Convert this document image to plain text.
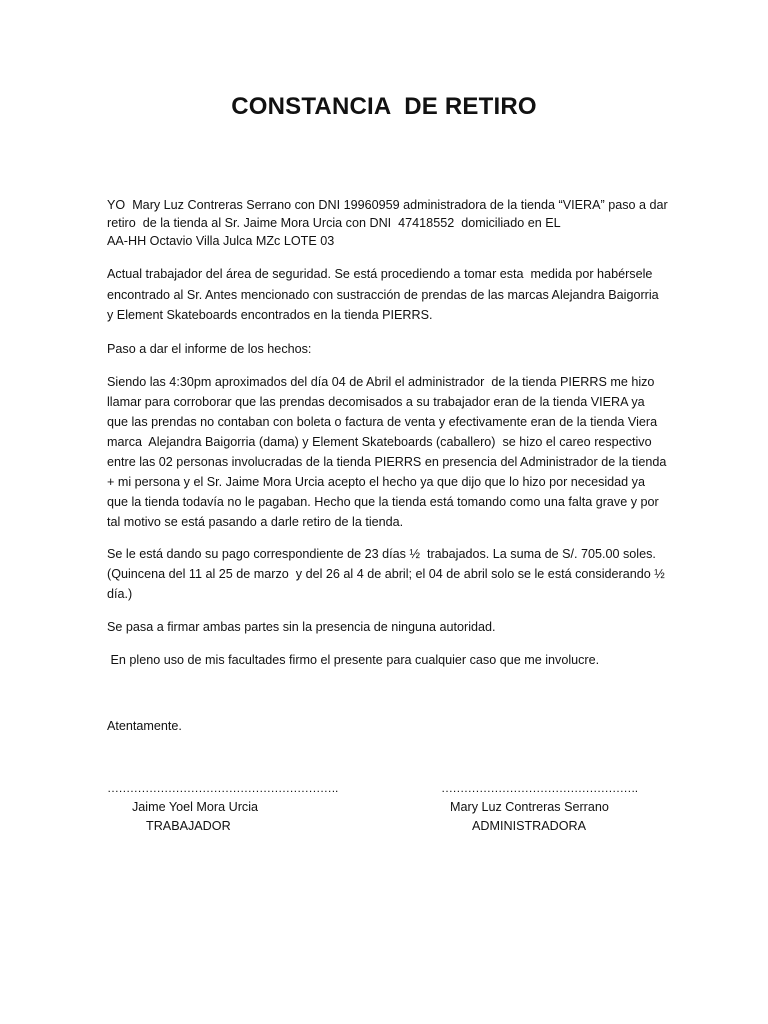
CONSTANCIA  DE RETIRO
YO  Mary Luz Contreras Serrano con DNI 19960959 administradora de la tienda “VIERA” paso a dar
retiro  de la tienda al Sr. Jaime Mora Urcia con DNI  47418552  domiciliado en EL
AA-HH Octavio Villa Julca MZc LOTE 03
Actual trabajador del área de seguridad. Se está procediendo a tomar esta  medida por habérsele
encontrado al Sr. Antes mencionado con sustracción de prendas de las marcas Alejandra Baigorria
y Element Skateboards encontrados en la tienda PIERRS.
Paso a dar el informe de los hechos:
Siendo las 4:30pm aproximados del día 04 de Abril el administrador  de la tienda PIERRS me hizo
llamar para corroborar que las prendas decomisados a su trabajador eran de la tienda VIERA ya
que las prendas no contaban con boleta o factura de venta y efectivamente eran de la tienda Viera
marca  Alejandra Baigorria (dama) y Element Skateboards (caballero)  se hizo el careo respectivo
entre las 02 personas involucradas de la tienda PIERRS en presencia del Administrador de la tienda
+ mi persona y el Sr. Jaime Mora Urcia acepto el hecho ya que dijo que lo hizo por necesidad ya
que la tienda todavía no le pagaban. Hecho que la tienda está tomando como una falta grave y por
tal motivo se está pasando a darle retiro de la tienda.
Se le está dando su pago correspondiente de 23 días ½  trabajados. La suma de S/. 705.00 soles.
(Quincena del 11 al 25 de marzo  y del 26 al 4 de abril; el 04 de abril solo se le está considerando ½
día.)
Se pasa a firmar ambas partes sin la presencia de ninguna autoridad.
En pleno uso de mis facultades firmo el presente para cualquier caso que me involucre.
Atentamente.
…………………………………………………….
Jaime Yoel Mora Urcia
TRABAJADOR
…………………………………………….
Mary Luz Contreras Serrano
ADMINISTRADORA
